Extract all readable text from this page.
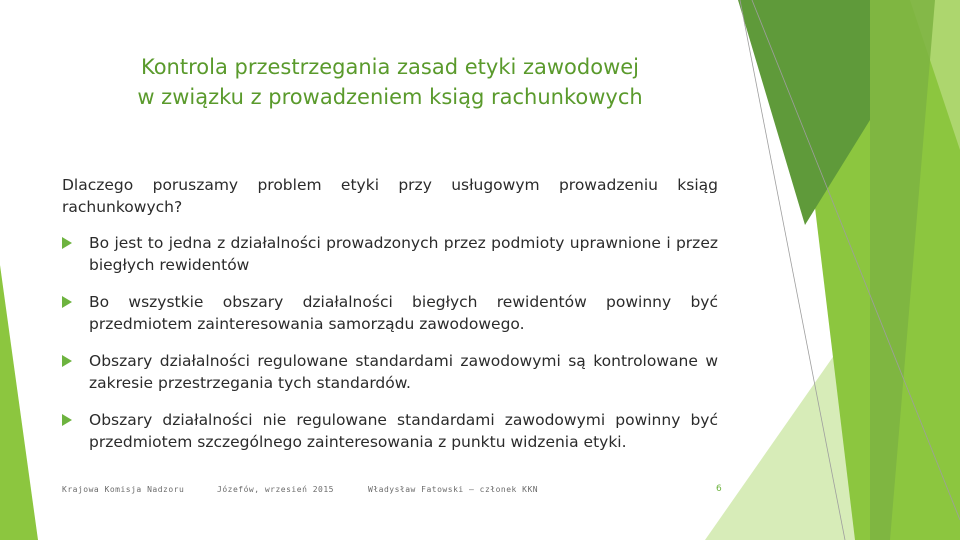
Kontrola przestrzegania zasad etyki zawodowej
w związku z prowadzeniem ksiąg rachunkowych
Dlaczego poruszamy problem etyki przy usługowym prowadzeniu ksiąg
rachunkowych?
Bo jest to jedna z działalności prowadzonych przez podmioty uprawnione i przez biegłych rewidentów
Bo wszystkie obszary działalności biegłych rewidentów powinny być przedmiotem zainteresowania samorządu zawodowego.
Obszary działalności regulowane standardami zawodowymi są kontrolowane w zakresie przestrzegania tych standardów.
Obszary działalności nie regulowane standardami zawodowymi powinny być przedmiotem szczególnego zainteresowania z punktu widzenia etyki.
Krajowa Komisja Nadzoru	Józefów, wrzesień 2015	Władysław Fatowski – członek KKN	6
